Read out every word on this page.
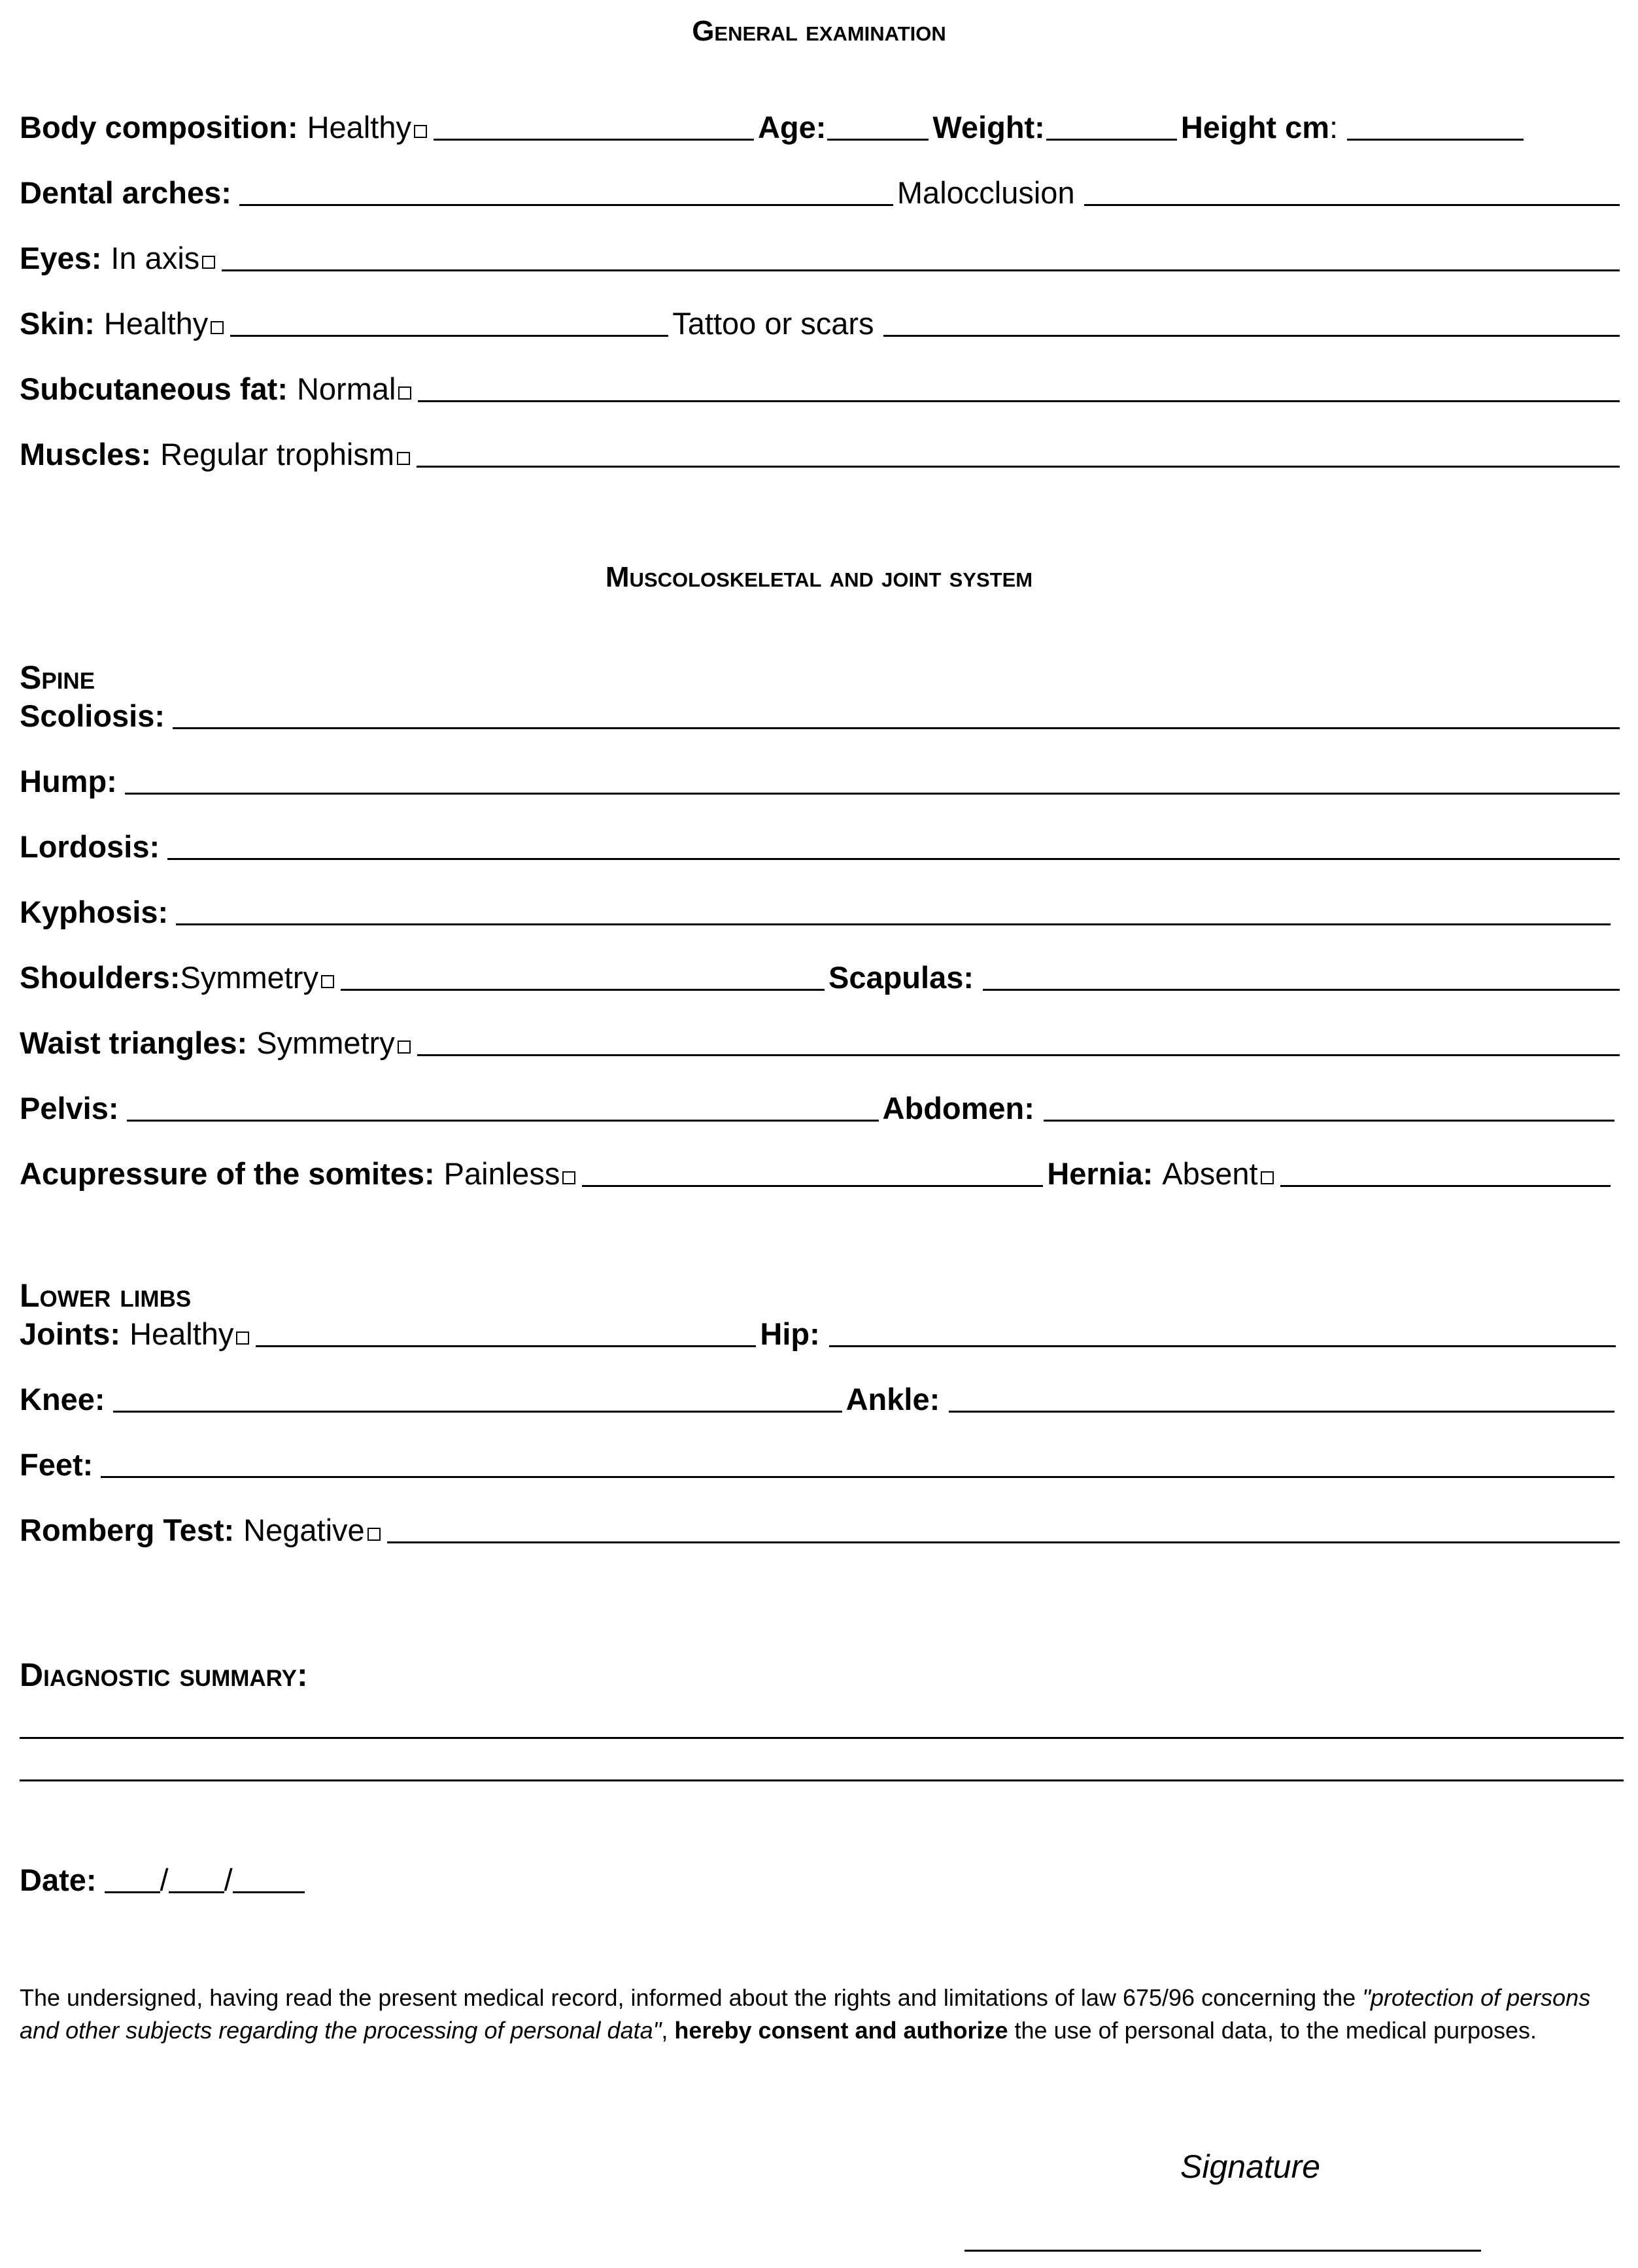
General examination
Body composition: Healthy	Age:	Weight:	Height cm :
Dental arches:	Malocclusion
Eyes: In axis
Skin: Healthy	Tattoo or scars
Subcutaneous fat: Normal
Muscles: Regular trophism
Muscoloskeletal and joint system
Spine
Scoliosis:
Hump:
Lordosis:
Kyphosis:
Shoulders: Symmetry	Scapulas:
Waist triangles: Symmetry
Pelvis:	Abdomen:
Acupressure of the somites: Painless	Hernia: Absent
Lower limbs
Joints: Healthy	Hip:
Knee:	Ankle:
Feet:
Romberg Test: Negative
Diagnostic summary:
Date: / /
The undersigned, having read the present medical record, informed about the rights and limitations of law 675/96 concerning the "protection of persons and other subjects regarding the processing of personal data", hereby consent and authorize the use of personal data, to the medical purposes.
Signature
